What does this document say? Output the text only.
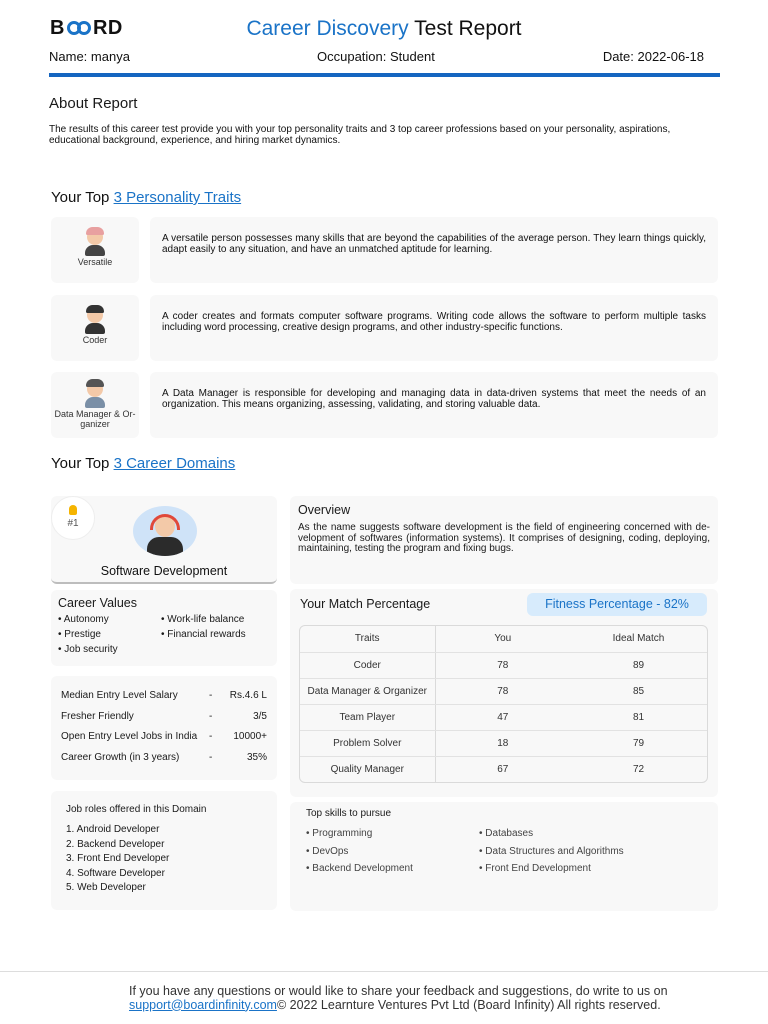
B RD	Career Discovery Test Report
Name: manya	Occupation: Student	Date: 2022-06-18
About Report
The results of this career test provide you with your top personality traits and 3 top career professions based on your personality, aspirations, educational background, experience, and hiring market dynamics.
Your Top 3 Personality Traits
Versatile
A versatile person possesses many skills that are beyond the capabilities of the average person. They learn things quickly, adapt easily to any situation, and have an unmatched aptitude for learning.
Coder
A coder creates and formats computer software programs. Writing code allows the software to perform multiple tasks including word processing, creative design programs, and other industry-specific functions.
Data Manager & Or- ganizer
A Data Manager is responsible for developing and managing data in data-driven systems that meet the needs of an organization. This means organizing, assessing, validating, and storing valuable data.
Your Top 3 Career Domains
#1
Software Development
Career Values
• Autonomy	• Work-life balance
• Prestige	• Financial rewards
• Job security
Median Entry Level Salary	-	Rs.4.6 L
Fresher Friendly	-	3/5
Open Entry Level Jobs in India	-	10000+
Career Growth (in 3 years)	-	35%
Job roles offered in this Domain
1. Android Developer
2. Backend Developer
3. Front End Developer
4. Software Developer
5. Web Developer
Overview

As the name suggests software development is the field of engineering concerned with de- velopment of softwares (information systems). It comprises of designing, coding, deploying, maintaining, testing the program and fixing bugs.

Your Match Percentage	Fitness Percentage - 82%
Traits	You	Ideal Match
Coder	78	89
Data Manager & Organizer	78	85
Team Player	47	81
Problem Solver	18	79
Quality Manager	67	72
Top skills to pursue
• Programming	• Databases
• DevOps	• Data Structures and Algorithms
• Backend Development	• Front End Development
If you have any questions or would like to share your feedback and suggestions, do write to us on
support@boardinfinity.com© 2022 Learnture Ventures Pvt Ltd (Board Infinity) All rights reserved.
